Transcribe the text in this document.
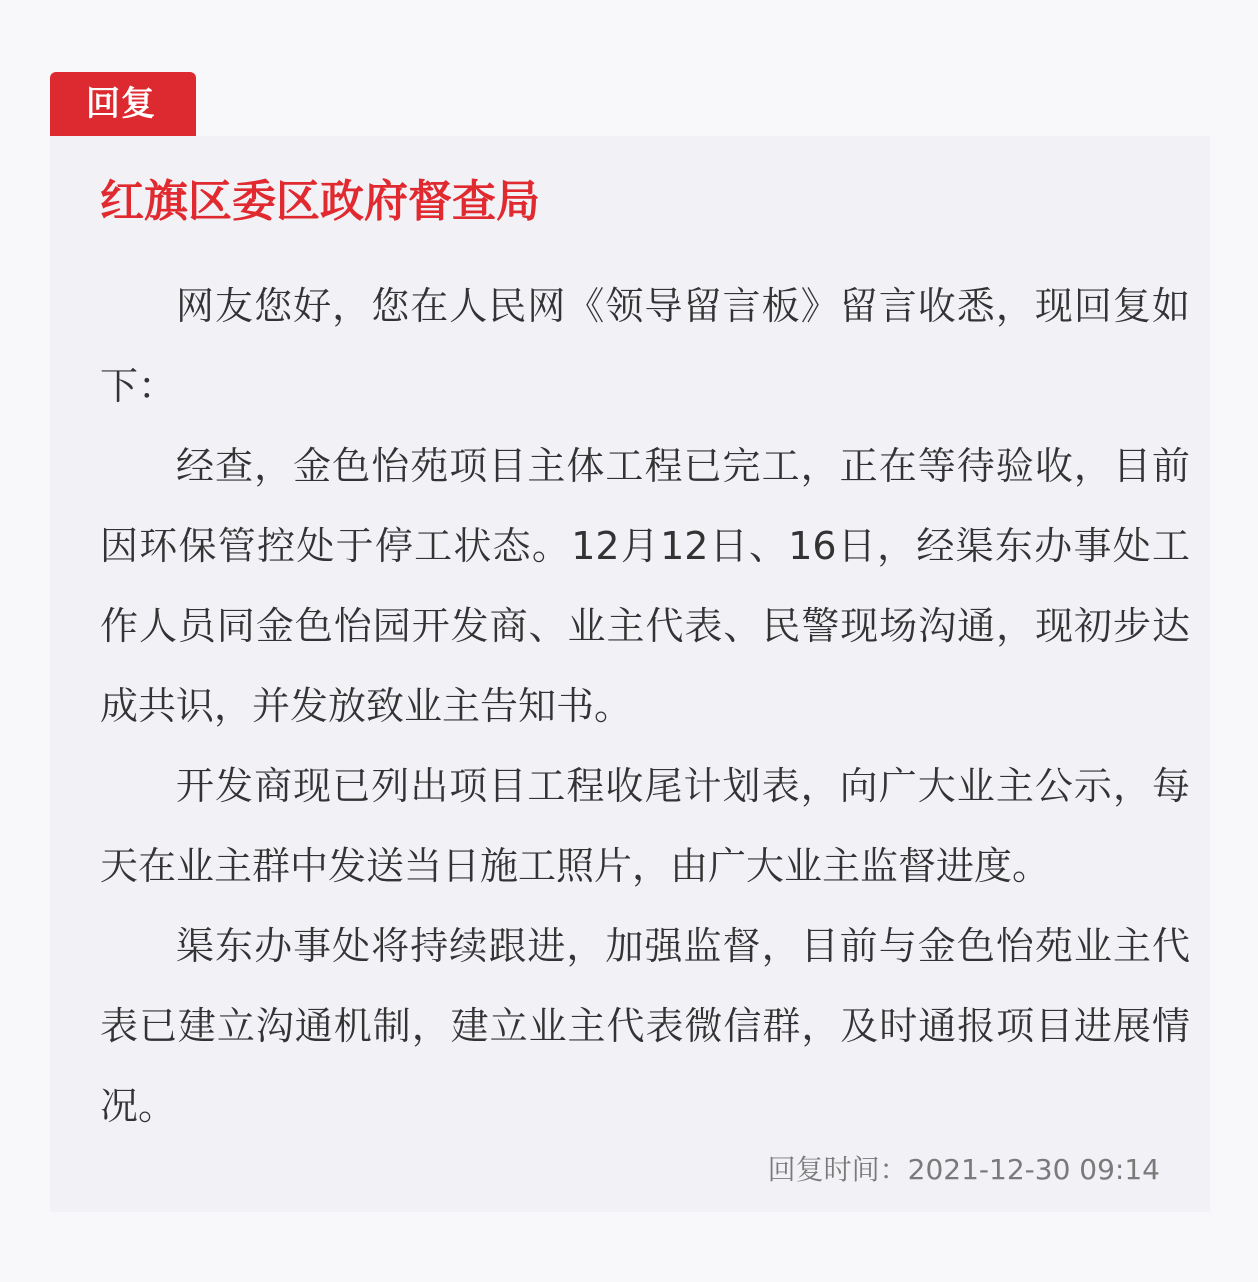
回复
红旗区委区政府督查局

网友您好，您在人民网《领导留言板》留言收悉，现回复如下：

经查，金色怡苑项目主体工程已完工，正在等待验收，目前因环保管控处于停工状态。12月12日、16日，经渠东办事处工作人员同金色怡园开发商、业主代表、民警现场沟通，现初步达成共识，并发放致业主告知书。

开发商现已列出项目工程收尾计划表，向广大业主公示，每天在业主群中发送当日施工照片，由广大业主监督进度。

渠东办事处将持续跟进，加强监督，目前与金色怡苑业主代表已建立沟通机制，建立业主代表微信群，及时通报项目进展情况。

回复时间：2021-12-30 09:14
